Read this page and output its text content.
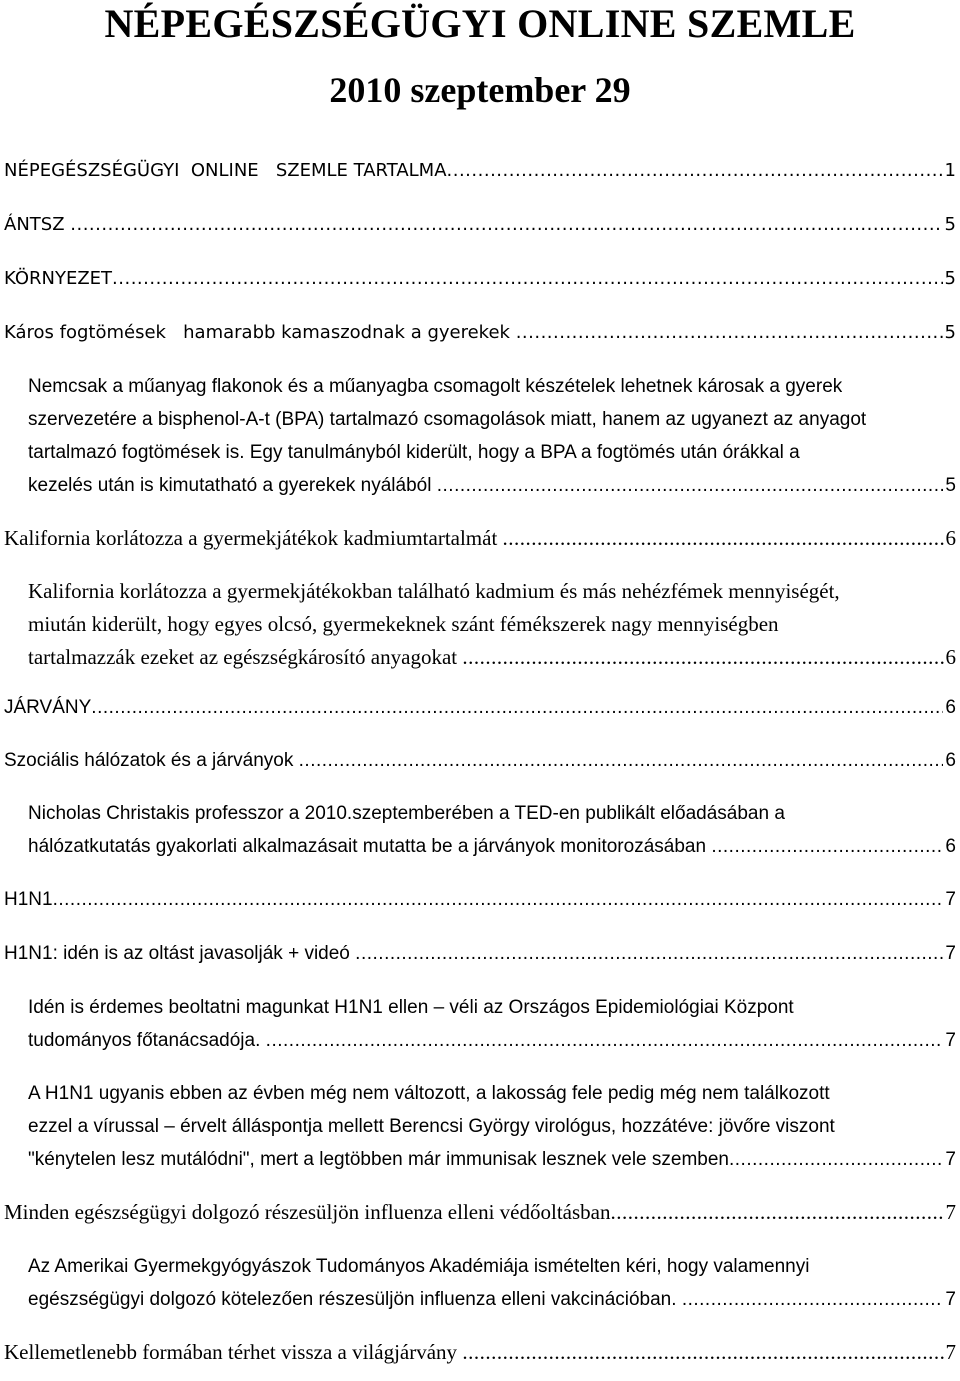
NÉPEGÉSZSÉGÜGYI ONLINE SZEMLE
2010 szeptember 29
NÉPEGÉSZSÉGÜGYI  ONLINE   SZEMLE TARTALMA .....	1
ÁNTSZ .....	5
KÖRNYEZET .....	5
Káros fogtömések   hamarabb kamaszodnak a gyerekek .....	5
Nemcsak a műanyag flakonok és a műanyagba csomagolt készételek lehetnek károsak a gyerek
szervezetére a bisphenol-A-t (BPA) tartalmazó csomagolások miatt, hanem az ugyanezt az anyagot
tartalmazó fogtömések is. Egy tanulmányból kiderült, hogy a BPA a fogtömés után órákkal a
kezelés után is kimutatható a gyerekek nyálából .....	5
Kalifornia korlátozza a gyermekjátékok kadmiumtartalmát .....	6
Kalifornia korlátozza a gyermekjátékokban található kadmium és más nehézfémek mennyiségét,
miután kiderült, hogy egyes olcsó, gyermekeknek szánt fémékszerek nagy mennyiségben
tartalmazzák ezeket az egészségkárosító anyagokat .....	6
JÁRVÁNY .....	6
Szociális hálózatok és a járványok .....	6
Nicholas Christakis professzor a 2010.szeptemberében a TED-en publikált előadásában a
hálózatkutatás gyakorlati alkalmazásait mutatta be a járványok monitorozásában .....	6
H1N1 .....	7
H1N1: idén is az oltást javasolják + videó .....	7
Idén is érdemes beoltatni magunkat H1N1 ellen – véli az Országos Epidemiológiai Központ
tudományos főtanácsadója. .....	7
A H1N1 ugyanis ebben az évben még nem változott, a lakosság fele pedig még nem találkozott
ezzel a vírussal – érvelt álláspontja mellett Berencsi György virológus, hozzátéve: jövőre viszont
"kénytelen lesz mutálódni", mert a legtöbben már immunisak lesznek vele szemben .....	7
Minden egészségügyi dolgozó részesüljön influenza elleni védőoltásban .....	7
Az Amerikai Gyermekgyógyászok Tudományos Akadémiája ismételten kéri, hogy valamennyi
egészségügyi dolgozó kötelezően részesüljön influenza elleni vakcinációban. .....	7
Kellemetlenebb formában térhet vissza a világjárvány .....	7
